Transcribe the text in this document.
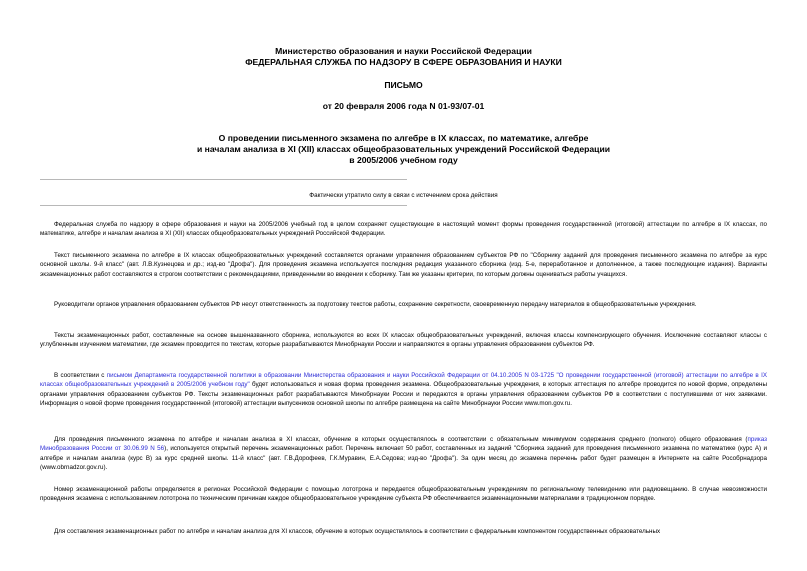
Министерство образования и науки Российской Федерации
ФЕДЕРАЛЬНАЯ СЛУЖБА ПО НАДЗОРУ В СФЕРЕ ОБРАЗОВАНИЯ И НАУКИ
ПИСЬМО
от 20 февраля 2006 года N 01-93/07-01
О проведении письменного экзамена по алгебре в IX классах, по математике, алгебре
и началам анализа в XI (XII) классах общеобразовательных учреждений Российской Федерации
в 2005/2006 учебном году
Фактически утратило силу в связи с истечением срока действия

Федеральная служба по надзору в сфере образования и науки на 2005/2006 учебный год в целом сохраняет существующие в настоящий момент формы проведения государственной (итоговой) аттестации по алгебре в IX классах, по математике, алгебре и началам анализа в XI (XII) классах общеобразовательных учреждений Российской Федерации.

Текст письменного экзамена по алгебре в IX классах общеобразовательных учреждений составляется органами управления образованием субъектов РФ по "Сборнику заданий для проведения письменного экзамена по алгебре за курс основной школы. 9-й класс" (авт. Л.В.Кузнецова и др.; изд-во "Дрофа"). Для проведения экзамена используется последняя редакция указанного сборника (изд. 5-е, переработанное и дополненное, а также последующие издания). Варианты экзаменационных работ составляются в строгом соответствии с рекомендациями, приведенными во введении к сборнику. Там же указаны критерии, по которым должны оцениваться работы учащихся.

Руководители органов управления образованием субъектов РФ несут ответственность за подготовку текстов работы, сохранение секретности, своевременную передачу материалов в общеобразовательные учреждения.

Тексты экзаменационных работ, составленные на основе вышеназванного сборника, используются во всех IX классах общеобразовательных учреждений, включая классы компенсирующего обучения. Исключение составляют классы с углубленным изучением математики, где экзамен проводится по текстам, которые разрабатываются Минобрнауки России и направляются в органы управления образованием субъектов РФ.

В соответствии с письмом Департамента государственной политики в образовании Министерства образования и науки Российской Федерации от 04.10.2005 N 03-1725 "О проведении государственной (итоговой) аттестации по алгебре в IX классах общеобразовательных учреждений в 2005/2006 учебном году" будет использоваться и новая форма проведения экзамена. Общеобразовательные учреждения, в которых аттестация по алгебре проводится по новой форме, определены органами управления образованием субъектов РФ. Тексты экзаменационных работ разрабатываются Минобрнауки России и передаются в органы управления образованием субъектов РФ в соответствии с поступившими от них заявками. Информация о новой форме проведения государственной (итоговой) аттестации выпускников основной школы по алгебре размещена на сайте Минобрнауки России www.mon.gov.ru.

Для проведения письменного экзамена по алгебре и началам анализа в XI классах, обучение в которых осуществлялось в соответствии с обязательным минимумом содержания среднего (полного) общего образования (приказ Минобразования России от 30.06.99 N 56), используется открытый перечень экзаменационных работ. Перечень включает 50 работ, составленных из заданий "Сборника заданий для проведения письменного экзамена по математике (курс А) и алгебре и началам анализа (курс В) за курс средней школы. 11-й класс" (авт. Г.В.Дорофеев, Г.К.Муравин, Е.А.Седова; изд-во "Дрофа"). За один месяц до экзамена перечень работ будет размещен в Интернете на сайте Рособрнадзора (www.obrnadzor.gov.ru).

Номер экзаменационной работы определяется в регионах Российской Федерации с помощью лототрона и передается общеобразовательным учреждениям по региональному телевидению или радиовещанию. В случае невозможности проведения экзамена с использованием лототрона по техническим причинам каждое общеобразовательное учреждение субъекта РФ обеспечивается экзаменационными материалами в традиционном порядке.

Для составления экзаменационных работ по алгебре и началам анализа для XI классов, обучение в которых осуществлялось в соответствии с федеральным компонентом государственных образовательных
